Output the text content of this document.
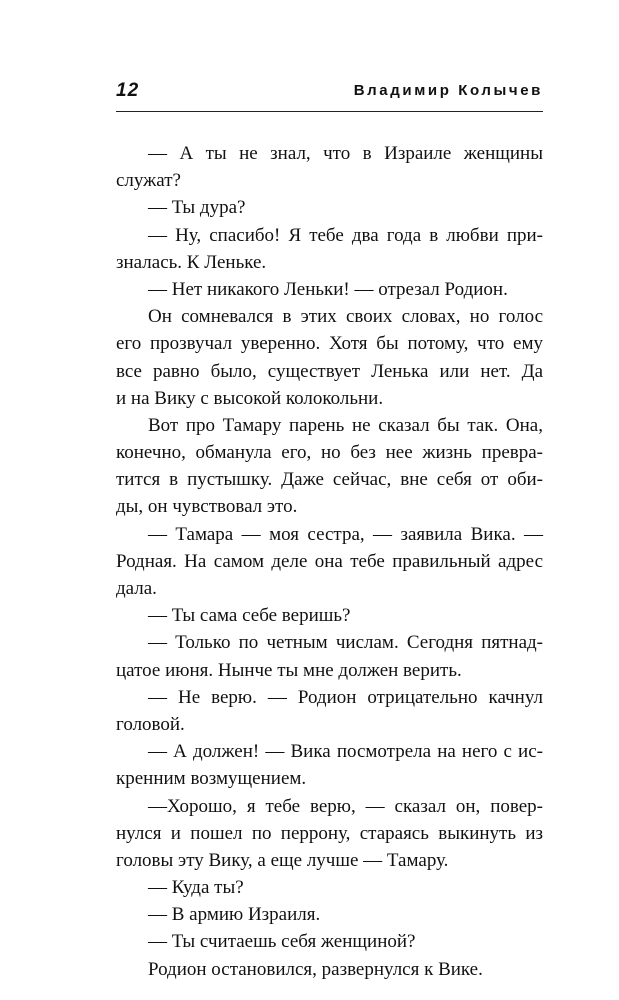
12	Владимир Колычев
— А ты не знал, что в Израиле женщины
служат?
— Ты дура?
— Ну, спасибо! Я тебе два года в любви при-
зналась. К Леньке.
— Нет никакого Леньки! — отрезал Родион.
Он сомневался в этих своих словах, но голос
его прозвучал уверенно. Хотя бы потому, что ему
все равно было, существует Ленька или нет. Да
и на Вику с высокой колокольни.
Вот про Тамару парень не сказал бы так. Она,
конечно, обманула его, но без нее жизнь превра-
тится в пустышку. Даже сейчас, вне себя от оби-
ды, он чувствовал это.
— Тамара — моя сестра, — заявила Вика. —
Родная. На самом деле она тебе правильный адрес
дала.
— Ты сама себе веришь?
— Только по четным числам. Сегодня пятнад-
цатое июня. Нынче ты мне должен верить.
— Не верю. — Родион отрицательно качнул
головой.
— А должен! — Вика посмотрела на него с ис-
кренним возмущением.
—Хорошо, я тебе верю, — сказал он, повер-
нулся и пошел по перрону, стараясь выкинуть из
головы эту Вику, а еще лучше — Тамару.
— Куда ты?
— В армию Израиля.
— Ты считаешь себя женщиной?
Родион остановился, развернулся к Вике.
